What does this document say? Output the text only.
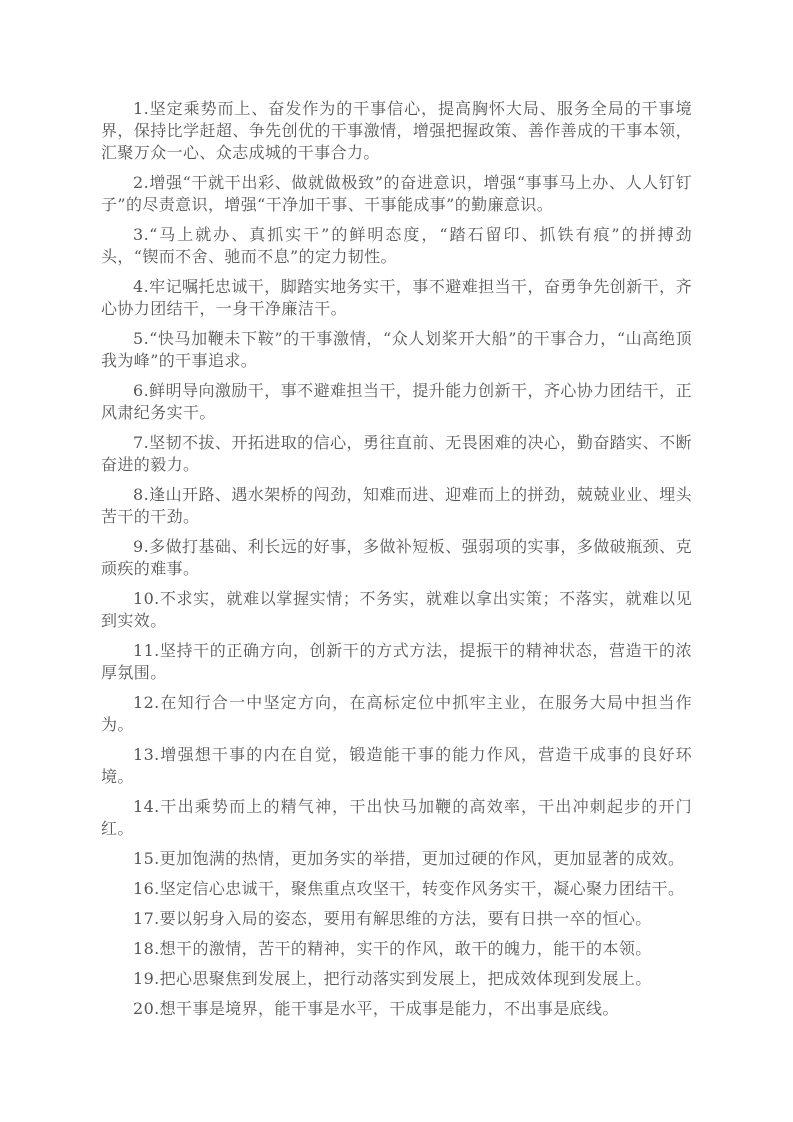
1.坚定乘势而上、奋发作为的干事信心，提高胸怀大局、服务全局的干事境界，保持比学赶超、争先创优的干事激情，增强把握政策、善作善成的干事本领，汇聚万众一心、众志成城的干事合力。

2.增强“干就干出彩、做就做极致”的奋进意识，增强“事事马上办、人人钉钉子”的尽责意识，增强“干净加干事、干事能成事”的勤廉意识。

3.“马上就办、真抓实干”的鲜明态度，“踏石留印、抓铁有痕”的拼搏劲头，“锲而不舍、驰而不息”的定力韧性。

4.牢记嘱托忠诚干，脚踏实地务实干，事不避难担当干，奋勇争先创新干，齐心协力团结干，一身干净廉洁干。

5.“快马加鞭未下鞍”的干事激情，“众人划桨开大船”的干事合力，“山高绝顶我为峰”的干事追求。

6.鲜明导向激励干，事不避难担当干，提升能力创新干，齐心协力团结干，正风肃纪务实干。

7.坚韧不拔、开拓进取的信心，勇往直前、无畏困难的决心，勤奋踏实、不断奋进的毅力。

8.逢山开路、遇水架桥的闯劲，知难而进、迎难而上的拼劲，兢兢业业、埋头苦干的干劲。

9.多做打基础、利长远的好事，多做补短板、强弱项的实事，多做破瓶颈、克顽疾的难事。

10.不求实，就难以掌握实情；不务实，就难以拿出实策；不落实，就难以见到实效。

11.坚持干的正确方向，创新干的方式方法，提振干的精神状态，营造干的浓厚氛围。

12.在知行合一中坚定方向，在高标定位中抓牢主业，在服务大局中担当作为。

13.增强想干事的内在自觉，锻造能干事的能力作风，营造干成事的良好环境。

14.干出乘势而上的精气神，干出快马加鞭的高效率，干出冲刺起步的开门红。

15.更加饱满的热情，更加务实的举措，更加过硬的作风，更加显著的成效。

16.坚定信心忠诚干，聚焦重点攻坚干，转变作风务实干，凝心聚力团结干。

17.要以躬身入局的姿态，要用有解思维的方法，要有日拱一卒的恒心。

18.想干的激情，苦干的精神，实干的作风，敢干的魄力，能干的本领。

19.把心思聚焦到发展上，把行动落实到发展上，把成效体现到发展上。

20.想干事是境界，能干事是水平，干成事是能力，不出事是底线。
